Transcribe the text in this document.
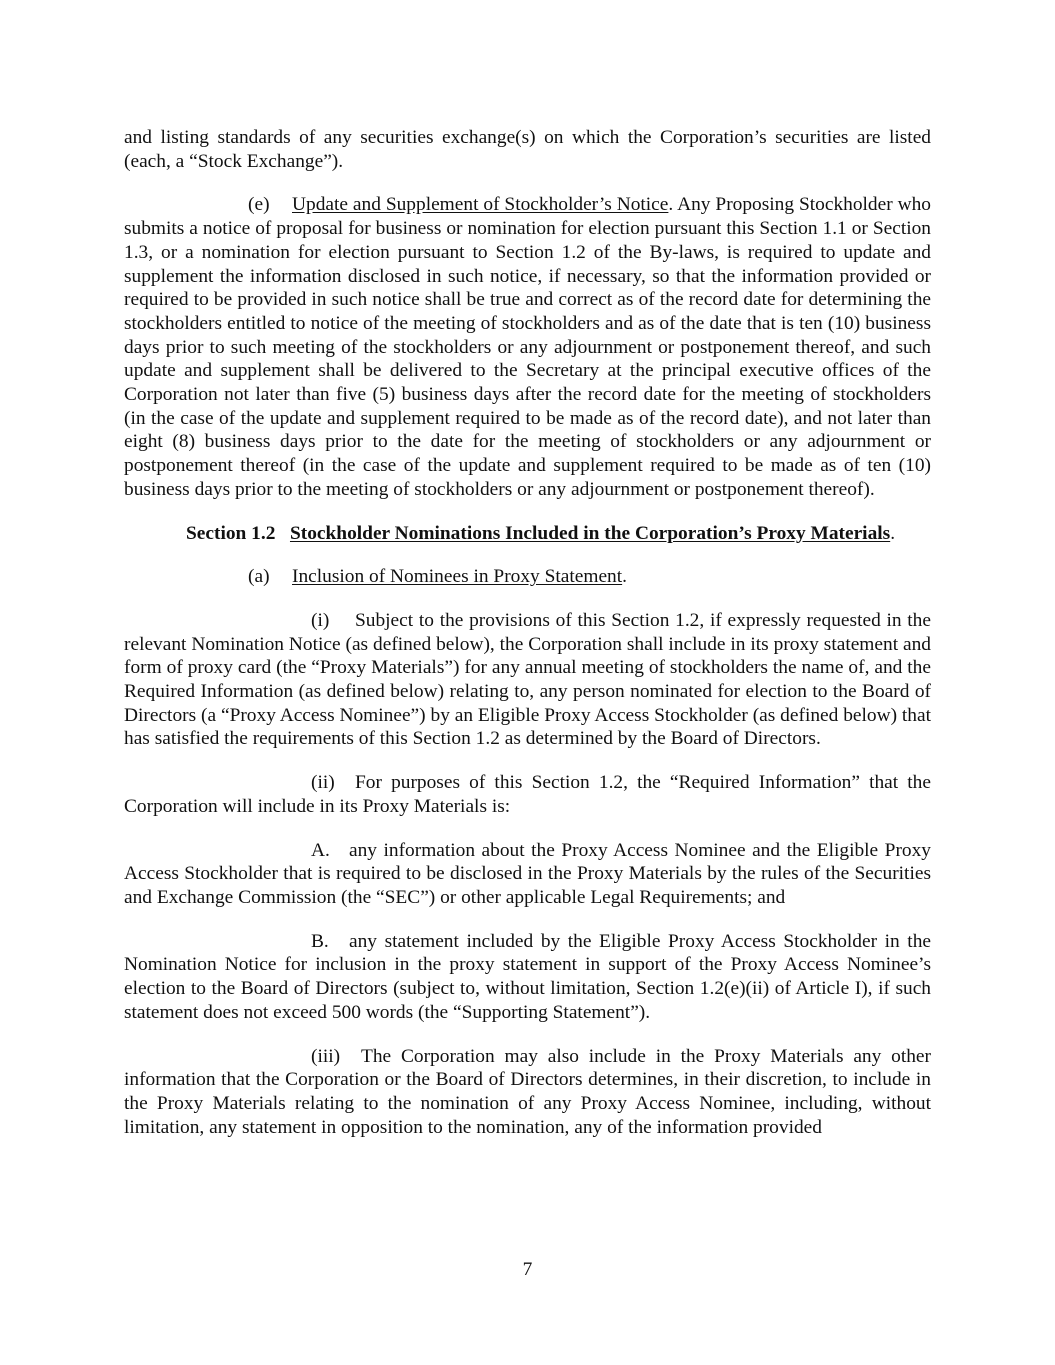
and listing standards of any securities exchange(s) on which the Corporation’s securities are listed (each, a “Stock Exchange”).

(e) Update and Supplement of Stockholder’s Notice. Any Proposing Stockholder who submits a notice of proposal for business or nomination for election pursuant this Section 1.1 or Section 1.3, or a nomination for election pursuant to Section 1.2 of the By-laws, is required to update and supplement the information disclosed in such notice, if necessary, so that the information provided or required to be provided in such notice shall be true and correct as of the record date for determining the stockholders entitled to notice of the meeting of stockholders and as of the date that is ten (10) business days prior to such meeting of the stockholders or any adjournment or postponement thereof, and such update and supplement shall be delivered to the Secretary at the principal executive offices of the Corporation not later than five (5) business days after the record date for the meeting of stockholders (in the case of the update and supplement required to be made as of the record date), and not later than eight (8) business days prior to the date for the meeting of stockholders or any adjournment or postponement thereof (in the case of the update and supplement required to be made as of ten (10) business days prior to the meeting of stockholders or any adjournment or postponement thereof).

Section 1.2 Stockholder Nominations Included in the Corporation’s Proxy Materials.

(a) Inclusion of Nominees in Proxy Statement.

(i) Subject to the provisions of this Section 1.2, if expressly requested in the relevant Nomination Notice (as defined below), the Corporation shall include in its proxy statement and form of proxy card (the “Proxy Materials”) for any annual meeting of stockholders the name of, and the Required Information (as defined below) relating to, any person nominated for election to the Board of Directors (a “Proxy Access Nominee”) by an Eligible Proxy Access Stockholder (as defined below) that has satisfied the requirements of this Section 1.2 as determined by the Board of Directors.

(ii) For purposes of this Section 1.2, the “Required Information” that the Corporation will include in its Proxy Materials is:

A. any information about the Proxy Access Nominee and the Eligible Proxy Access Stockholder that is required to be disclosed in the Proxy Materials by the rules of the Securities and Exchange Commission (the “SEC”) or other applicable Legal Requirements; and

B. any statement included by the Eligible Proxy Access Stockholder in the Nomination Notice for inclusion in the proxy statement in support of the Proxy Access Nominee’s election to the Board of Directors (subject to, without limitation, Section 1.2(e)(ii) of Article I), if such statement does not exceed 500 words (the “Supporting Statement”).

(iii) The Corporation may also include in the Proxy Materials any other information that the Corporation or the Board of Directors determines, in their discretion, to include in the Proxy Materials relating to the nomination of any Proxy Access Nominee, including, without limitation, any statement in opposition to the nomination, any of the information provided

7
